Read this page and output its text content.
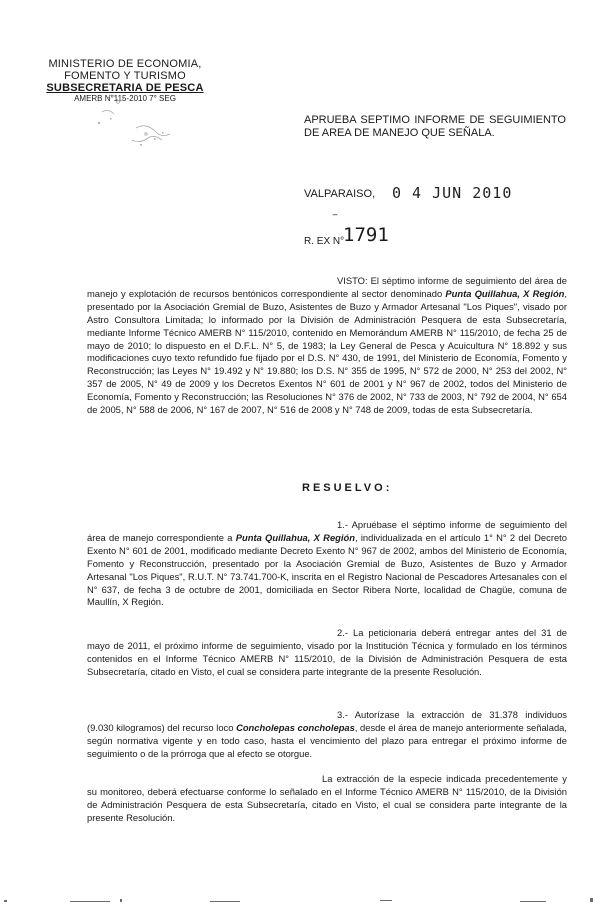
MINISTERIO DE ECONOMIA,
FOMENTO Y TURISMO
SUBSECRETARIA DE PESCA
AMERB N°115-2010 7° SEG
APRUEBA SEPTIMO INFORME DE SEGUIMIENTO DE AREA DE MANEJO QUE SEÑALA.
VALPARAISO, 0 4 JUN 2010
‾
R. EX N°
1791
VISTO: El séptimo informe de seguimiento del área de manejo y explotación de recursos bentónicos correspondiente al sector denominado Punta Quillahua, X Región, presentado por la Asociación Gremial de Buzo, Asistentes de Buzo y Armador Artesanal "Los Piques", visado por Astro Consultora Limitada; lo informado por la División de Administración Pesquera de esta Subsecretaría, mediante Informe Técnico AMERB N° 115/2010, contenido en Memorándum AMERB N° 115/2010, de fecha 25 de mayo de 2010; lo dispuesto en el D.F.L. N° 5, de 1983; la Ley General de Pesca y Acuicultura N° 18.892 y sus modificaciones cuyo texto refundido fue fijado por el D.S. N° 430, de 1991, del Ministerio de Economía, Fomento y Reconstrucción; las Leyes N° 19.492 y N° 19.880; los D.S. N° 355 de 1995, N° 572 de 2000, N° 253 del 2002, N° 357 de 2005, N° 49 de 2009 y los Decretos Exentos N° 601 de 2001 y N° 967 de 2002, todos del Ministerio de Economía, Fomento y Reconstrucción; las Resoluciones N° 376 de 2002, N° 733 de 2003, N° 792 de 2004, N° 654 de 2005, N° 588 de 2006, N° 167 de 2007, N° 516 de 2008 y N° 748 de 2009, todas de esta Subsecretaría.
RESUELVO:
1.- Apruébase el séptimo informe de seguimiento del área de manejo correspondiente a Punta Quillahua, X Región, individualizada en el artículo 1° N° 2 del Decreto Exento N° 601 de 2001, modificado mediante Decreto Exento N° 967 de 2002, ambos del Ministerio de Economía, Fomento y Reconstrucción, presentado por la Asociación Gremial de Buzo, Asistentes de Buzo y Armador Artesanal "Los Piques", R.U.T. N° 73.741.700-K, inscrita en el Registro Nacional de Pescadores Artesanales con el N° 637, de fecha 3 de octubre de 2001, domiciliada en Sector Ribera Norte, localidad de Chagüe, comuna de Maullín, X Región.
2.- La peticionaria deberá entregar antes del 31 de mayo de 2011, el próximo informe de seguimiento, visado por la Institución Técnica y formulado en los términos contenidos en el Informe Técnico AMERB N° 115/2010, de la División de Administración Pesquera de esta Subsecretaría, citado en Visto, el cual se considera parte integrante de la presente Resolución.
3.- Autorízase la extracción de 31.378 individuos (9.030 kilogramos) del recurso loco Concholepas concholepas, desde el área de manejo anteriormente señalada, según normativa vigente y en todo caso, hasta el vencimiento del plazo para entregar el próximo informe de seguimiento o de la prórroga que al efecto se otorgue.
La extracción de la especie indicada precedentemente y su monitoreo, deberá efectuarse conforme lo señalado en el Informe Técnico AMERB N° 115/2010, de la División de Administración Pesquera de esta Subsecretaría, citado en Visto, el cual se considera parte integrante de la presente Resolución.
